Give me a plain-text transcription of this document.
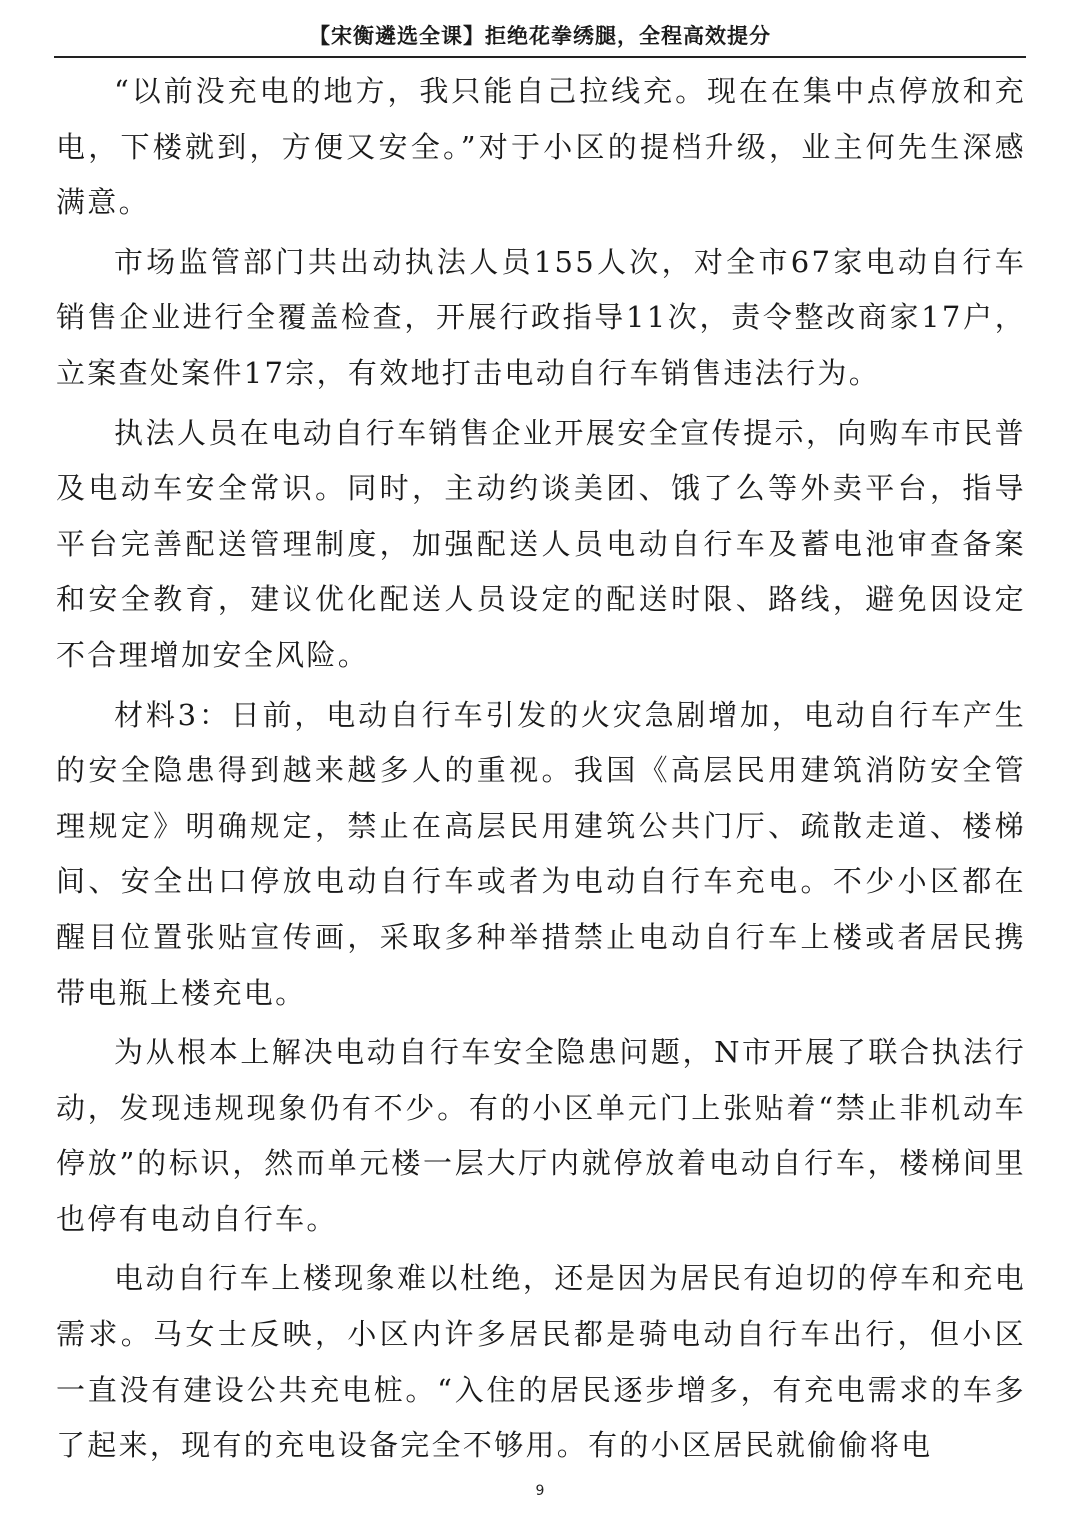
【宋衡遴选全课】拒绝花拳绣腿，全程高效提分

“以前没充电的地方，我只能自己拉线充。现在在集中点停放和充电，下楼就到，方便又安全。”对于小区的提档升级，业主何先生深感满意。

市场监管部门共出动执法人员155人次，对全市67家电动自行车销售企业进行全覆盖检查，开展行政指导11次，责令整改商家17户，立案查处案件17宗，有效地打击电动自行车销售违法行为。

执法人员在电动自行车销售企业开展安全宣传提示，向购车市民普及电动车安全常识。同时，主动约谈美团、饿了么等外卖平台，指导平台完善配送管理制度，加强配送人员电动自行车及蓄电池审查备案和安全教育，建议优化配送人员设定的配送时限、路线，避免因设定不合理增加安全风险。

材料3：日前，电动自行车引发的火灾急剧增加，电动自行车产生的安全隐患得到越来越多人的重视。我国《高层民用建筑消防安全管理规定》明确规定，禁止在高层民用建筑公共门厅、疏散走道、楼梯间、安全出口停放电动自行车或者为电动自行车充电。不少小区都在醒目位置张贴宣传画，采取多种举措禁止电动自行车上楼或者居民携带电瓶上楼充电。

为从根本上解决电动自行车安全隐患问题，N市开展了联合执法行动，发现违规现象仍有不少。有的小区单元门上张贴着“禁止非机动车停放”的标识，然而单元楼一层大厅内就停放着电动自行车，楼梯间里也停有电动自行车。

电动自行车上楼现象难以杜绝，还是因为居民有迫切的停车和充电需求。马女士反映，小区内许多居民都是骑电动自行车出行，但小区一直没有建设公共充电桩。“入住的居民逐步增多，有充电需求的车多了起来，现有的充电设备完全不够用。有的小区居民就偷偷将电

9
